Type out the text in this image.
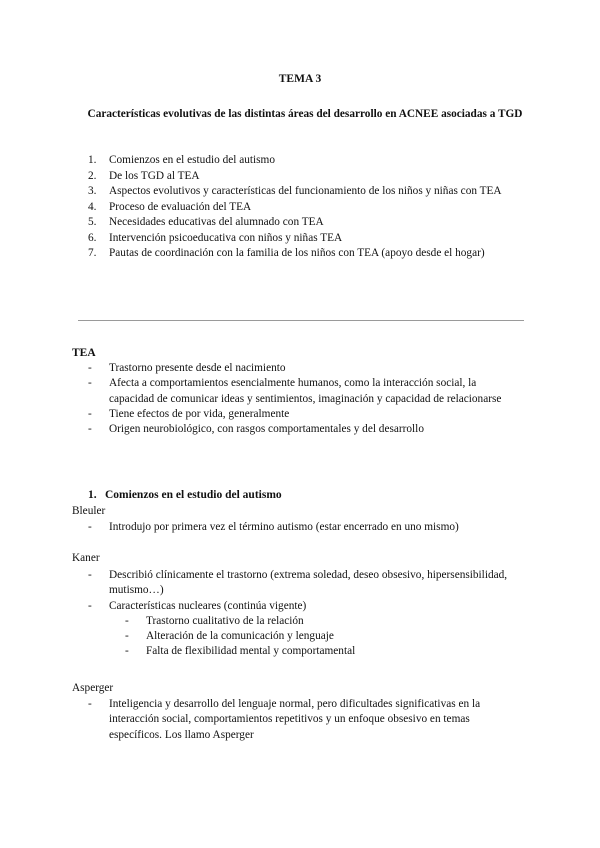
TEMA 3
Características evolutivas de las distintas áreas del desarrollo en ACNEE asociadas a TGD
1. Comienzos en el estudio del autismo
2. De los TGD al TEA
3. Aspectos evolutivos y características del funcionamiento de los niños y niñas con TEA
4. Proceso de evaluación del TEA
5. Necesidades educativas del alumnado con TEA
6. Intervención psicoeducativa con niños y niñas TEA
7. Pautas de coordinación con la familia de los niños con TEA (apoyo desde el hogar)
TEA
- Trastorno presente desde el nacimiento
- Afecta a comportamientos esencialmente humanos, como la interacción social, la capacidad de comunicar ideas y sentimientos, imaginación y capacidad de relacionarse
- Tiene efectos de por vida, generalmente
- Origen neurobiológico, con rasgos comportamentales y del desarrollo
1. Comienzos en el estudio del autismo
Bleuler
- Introdujo por primera vez el término autismo (estar encerrado en uno mismo)
Kaner
- Describió clínicamente el trastorno (extrema soledad, deseo obsesivo, hipersensibilidad, mutismo…)
- Características nucleares (continúa vigente)
- Trastorno cualitativo de la relación
- Alteración de la comunicación y lenguaje
- Falta de flexibilidad mental y comportamental
Asperger
- Inteligencia y desarrollo del lenguaje normal, pero dificultades significativas en la interacción social, comportamientos repetitivos y un enfoque obsesivo en temas específicos. Los llamo Asperger
